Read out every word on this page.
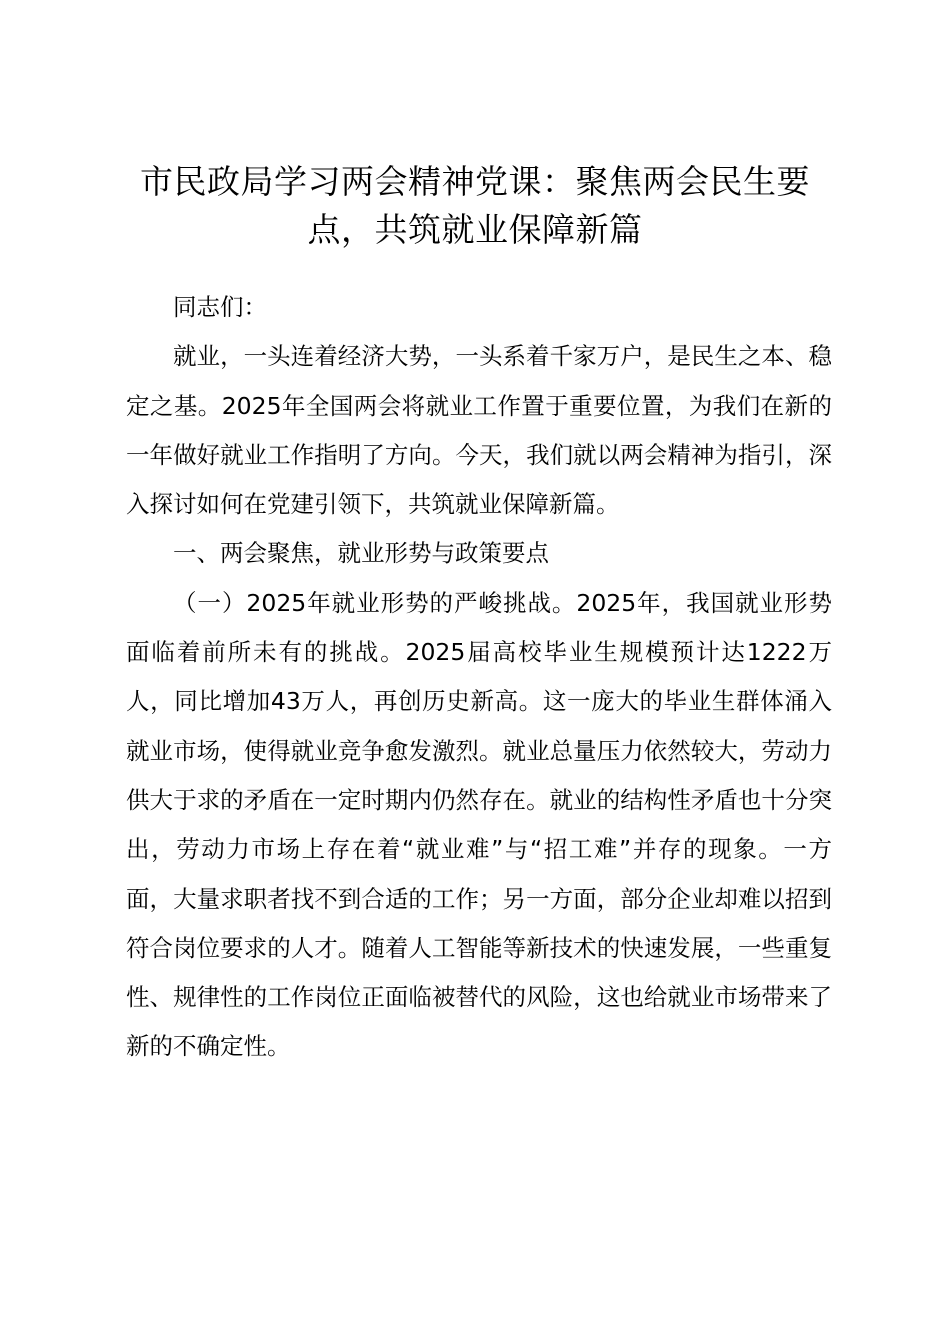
市民政局学习两会精神党课：聚焦两会民生要点，共筑就业保障新篇

同志们：

就业，一头连着经济大势，一头系着千家万户，是民生之本、稳定之基。2025年全国两会将就业工作置于重要位置，为我们在新的一年做好就业工作指明了方向。今天，我们就以两会精神为指引，深入探讨如何在党建引领下，共筑就业保障新篇。

一、两会聚焦，就业形势与政策要点

（一）2025年就业形势的严峻挑战。2025年，我国就业形势面临着前所未有的挑战。2025届高校毕业生规模预计达1222万人，同比增加43万人，再创历史新高。这一庞大的毕业生群体涌入就业市场，使得就业竞争愈发激烈。就业总量压力依然较大，劳动力供大于求的矛盾在一定时期内仍然存在。就业的结构性矛盾也十分突出，劳动力市场上存在着“就业难”与“招工难”并存的现象。一方面，大量求职者找不到合适的工作；另一方面，部分企业却难以招到符合岗位要求的人才。随着人工智能等新技术的快速发展，一些重复性、规律性的工作岗位正面临被替代的风险，这也给就业市场带来了新的不确定性。
